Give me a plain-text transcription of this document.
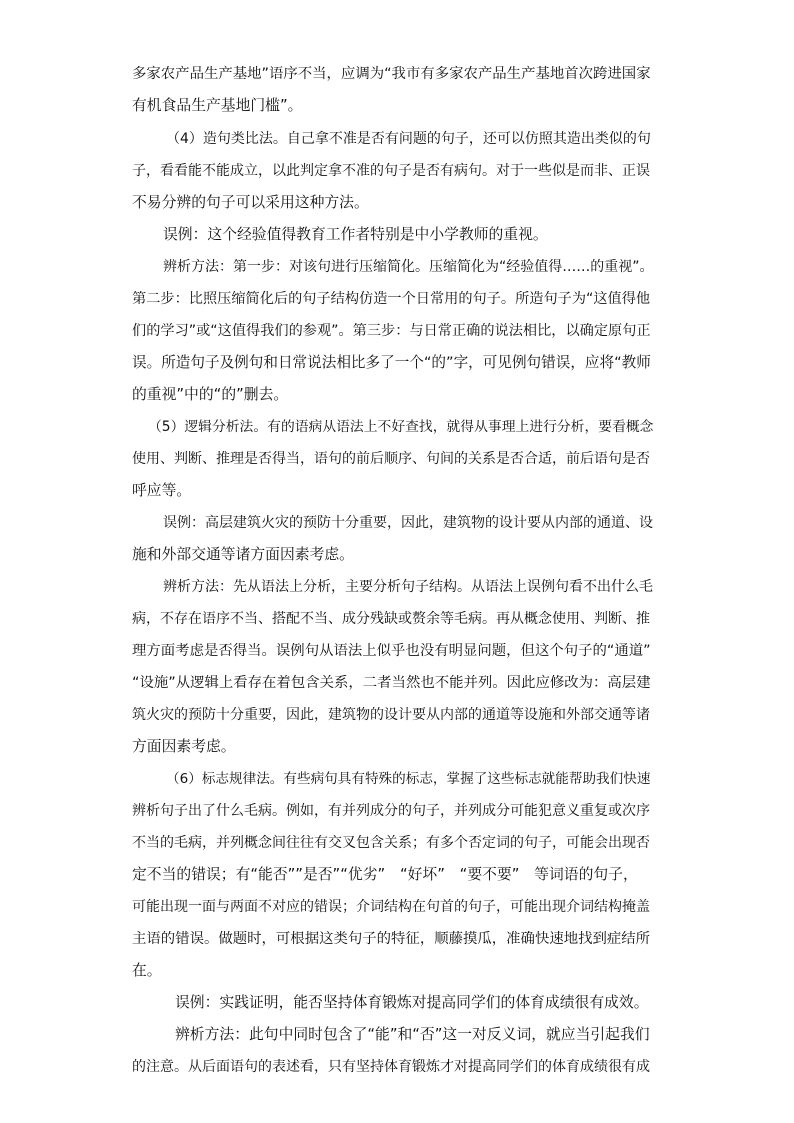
多家农产品生产基地”语序不当，应调为“我市有多家农产品生产基地首次跨进国家
有机食品生产基地门槛”。
（4）造句类比法。自己拿不准是否有问题的句子，还可以仿照其造出类似的句
子，看看能不能成立，以此判定拿不准的句子是否有病句。对于一些似是而非、正误
不易分辨的句子可以采用这种方法。
误例：这个经验值得教育工作者特别是中小学教师的重视。
辨析方法：第一步：对该句进行压缩简化。压缩简化为“经验值得……的重视”。
第二步：比照压缩简化后的句子结构仿造一个日常用的句子。所造句子为“这值得他
们的学习”或“这值得我们的参观”。第三步：与日常正确的说法相比，以确定原句正
误。所造句子及例句和日常说法相比多了一个“的”字，可见例句错误，应将“教师
的重视”中的“的”删去。
（5）逻辑分析法。有的语病从语法上不好查找，就得从事理上进行分析，要看概念
使用、判断、推理是否得当，语句的前后顺序、句间的关系是否合适，前后语句是否
呼应等。
误例：高层建筑火灾的预防十分重要，因此，建筑物的设计要从内部的通道、设
施和外部交通等诸方面因素考虑。
辨析方法：先从语法上分析，主要分析句子结构。从语法上误例句看不出什么毛
病，不存在语序不当、搭配不当、成分残缺或赘余等毛病。再从概念使用、判断、推
理方面考虑是否得当。误例句从语法上似乎也没有明显问题，但这个句子的“通道”
“设施”从逻辑上看存在着包含关系，二者当然也不能并列。因此应修改为：高层建
筑火灾的预防十分重要，因此，建筑物的设计要从内部的通道等设施和外部交通等诸
方面因素考虑。
（6）标志规律法。有些病句具有特殊的标志，掌握了这些标志就能帮助我们快速
辨析句子出了什么毛病。例如，有并列成分的句子，并列成分可能犯意义重复或次序
不当的毛病，并列概念间往往有交叉包含关系；有多个否定词的句子，可能会出现否
定不当的错误；有“能否””是否”“优劣”　“好坏”　“要不要”　等词语的句子，
可能出现一面与两面不对应的错误；介词结构在句首的句子，可能出现介词结构掩盖
主语的错误。做题时，可根据这类句子的特征，顺藤摸瓜，准确快速地找到症结所
在。
误例：实践证明，能否坚持体育锻炼对提高同学们的体育成绩很有成效。
辨析方法：此句中同时包含了“能”和“否”这一对反义词，就应当引起我们
的注意。从后面语句的表述看，只有坚持体育锻炼才对提高同学们的体育成绩很有成
